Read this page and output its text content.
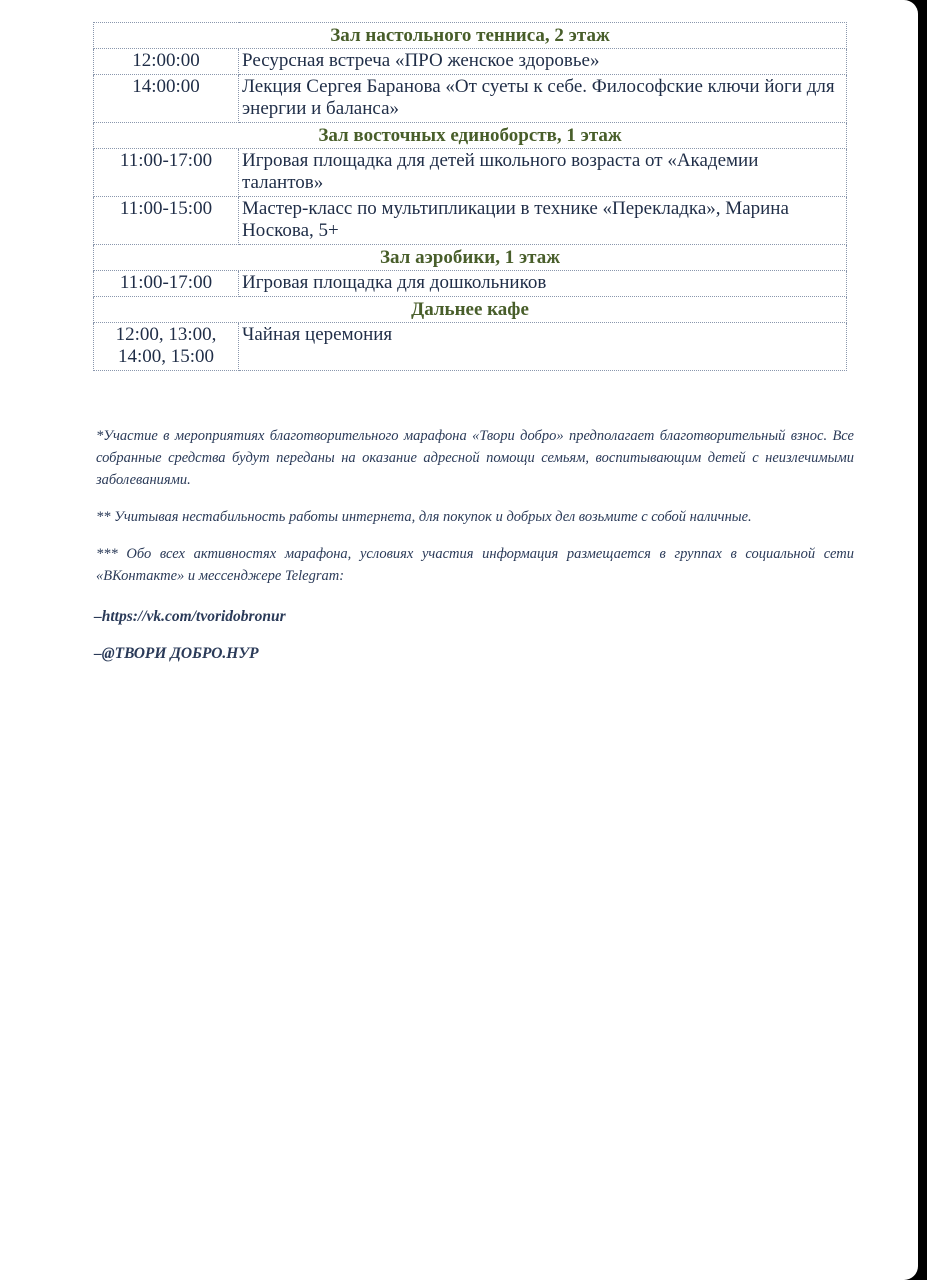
Зал настольного тенниса, 2 этаж	
12:00:00	Ресурсная встреча «ПРО женское здоровье»
14:00:00	Лекция Сергея Баранова «От суеты к себе. Философские ключи йоги для энергии и баланса»
Зал восточных единоборств, 1 этаж	
11:00-17:00	Игровая площадка для детей школьного возраста от «Академии талантов»
11:00-15:00	Мастер-класс по мультипликации в технике «Перекладка», Марина Носкова, 5+
Зал аэробики, 1 этаж	
11:00-17:00	Игровая площадка для дошкольников
Дальнее кафе	
12:00, 13:00, 14:00, 15:00	Чайная церемония

*Участие в мероприятиях благотворительного марафона «Твори добро» предполагает благотворительный взнос. Все собранные средства будут переданы на оказание адресной помощи семьям, воспитывающим детей с неизлечимыми заболеваниями.

** Учитывая нестабильность работы интернета, для покупок и добрых дел возьмите с собой наличные.

*** Обо всех активностях марафона, условиях участия информация размещается в группах в социальной сети «ВКонтакте» и мессенджере Telegram:

–https://vk.com/tvoridobronur
–@ТВОРИ ДОБРО.НУР
